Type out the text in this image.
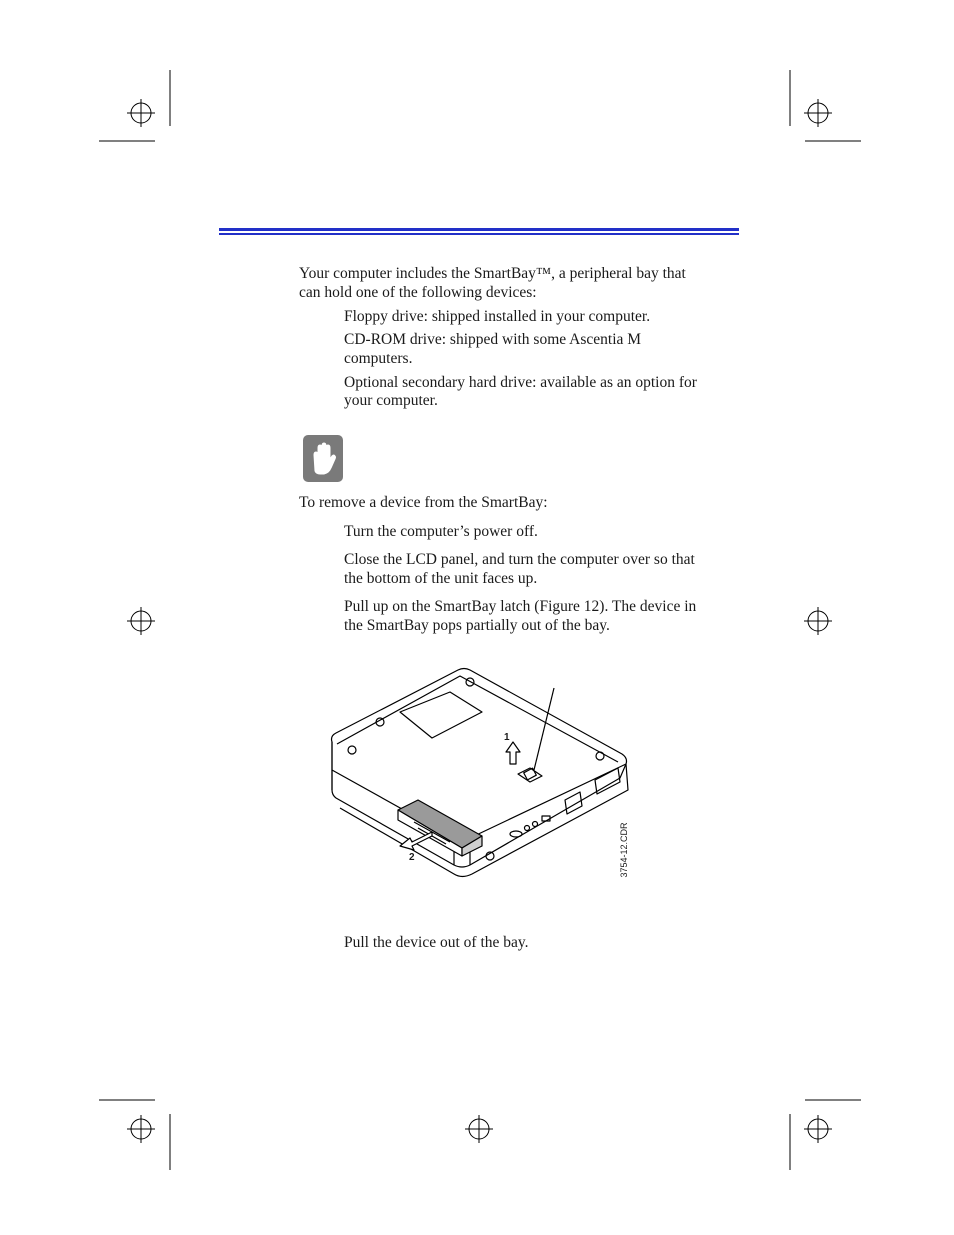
Your computer includes the SmartBay™, a peripheral bay that
can hold one of the following devices:
Floppy drive: shipped installed in your computer.
CD-ROM drive: shipped with some Ascentia M
computers.
Optional secondary hard drive: available as an option for
your computer.
To remove a device from the SmartBay:
Turn the computer’s power off.
Close the LCD panel, and turn the computer over so that
the bottom of the unit faces up.
Pull up on the SmartBay latch (Figure 12). The device in
the SmartBay pops partially out of the bay.
1
2	3754-12.CDR
Pull the device out of the bay.
